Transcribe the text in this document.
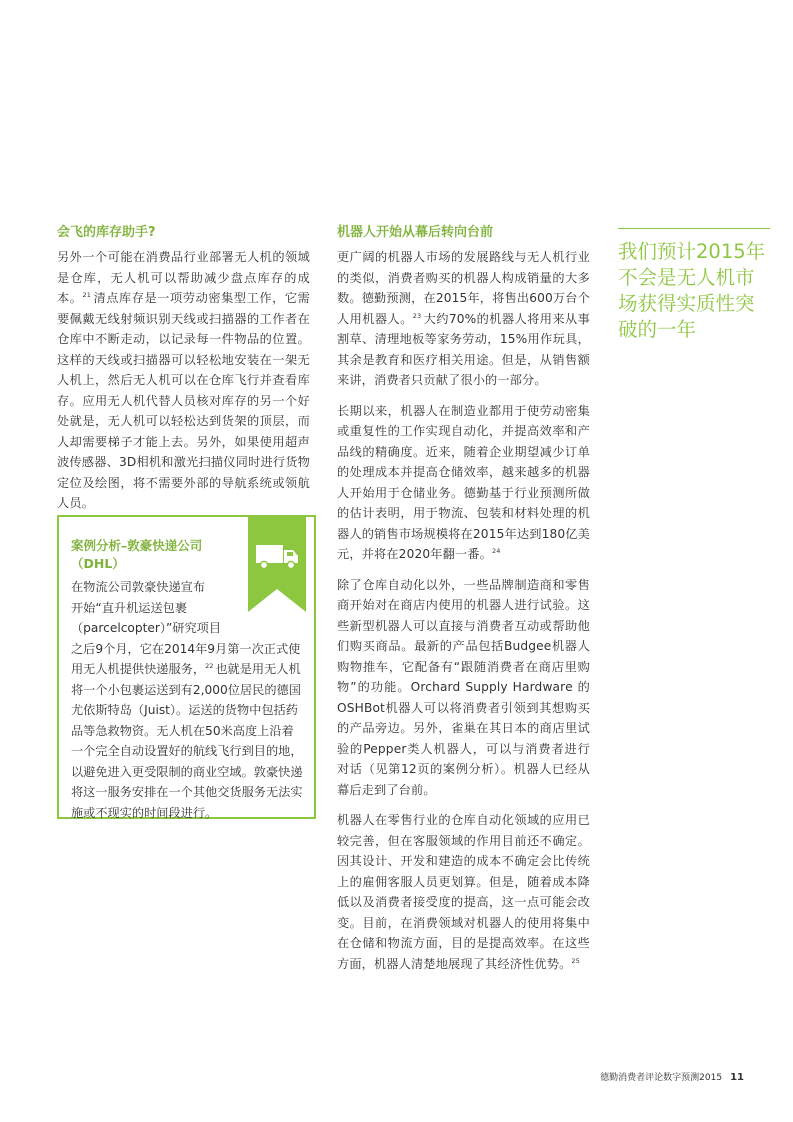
会飞的库存助手?

另外一个可能在消费品行业部署无人机的领域是仓库，无人机可以帮助减少盘点库存的成本。$^{21}$ 清点库存是一项劳动密集型工作，它需要佩戴无线射频识别天线或扫描器的工作者在仓库中不断走动，以记录每一件物品的位置。这样的天线或扫描器可以轻松地安装在一架无人机上，然后无人机可以在仓库飞行并查看库存。应用无人机代替人员核对库存的另一个好处就是，无人机可以轻松达到货架的顶层，而人却需要梯子才能上去。另外，如果使用超声波传感器、3D相机和激光扫描仪同时进行货物定位及绘图，将不需要外部的导航系统或领航人员。

案例分析–敦豪快递公司（DHL）
在物流公司敦豪快递宣布
开始“直升机运送包裹
（parcelcopter）”研究项目
之后9个月，它在2014年9月第一次正式使用无人机提供快递服务，$^{22}$ 也就是用无人机将一个小包裹运送到有2,000位居民的德国尤依斯特岛（Juist）。运送的货物中包括药品等急救物资。无人机在50米高度上沿着一个完全自动设置好的航线飞行到目的地，以避免进入更受限制的商业空域。敦豪快递将这一服务安排在一个其他交货服务无法实施或不现实的时间段进行。
机器人开始从幕后转向台前

更广阔的机器人市场的发展路线与无人机行业的类似，消费者购买的机器人构成销量的大多数。德勤预测，在2015年，将售出600万台个人用机器人。$^{23}$ 大约70%的机器人将用来从事割草、清理地板等家务劳动，15%用作玩具，其余是教育和医疗相关用途。但是，从销售额来讲，消费者只贡献了很小的一部分。

长期以来，机器人在制造业都用于使劳动密集或重复性的工作实现自动化，并提高效率和产品线的精确度。近来，随着企业期望减少订单的处理成本并提高仓储效率，越来越多的机器人开始用于仓储业务。德勤基于行业预测所做的估计表明，用于物流、包装和材料处理的机器人的销售市场规模将在2015年达到180亿美元，并将在2020年翻一番。$^{24}$

除了仓库自动化以外，一些品牌制造商和零售商开始对在商店内使用的机器人进行试验。这些新型机器人可以直接与消费者互动或帮助他们购买商品。最新的产品包括Budgee机器人购物推车，它配备有“跟随消费者在商店里购物”的功能。Orchard Supply Hardware 的OSHBot机器人可以将消费者引领到其想购买的产品旁边。另外，雀巢在其日本的商店里试验的Pepper类人机器人，可以与消费者进行对话（见第12页的案例分析）。机器人已经从幕后走到了台前。

机器人在零售行业的仓库自动化领域的应用已较完善，但在客服领域的作用目前还不确定。因其设计、开发和建造的成本不确定会比传统上的雇佣客服人员更划算。但是，随着成本降低以及消费者接受度的提高，这一点可能会改变。目前，在消费领域对机器人的使用将集中在仓储和物流方面，目的是提高效率。在这些方面，机器人清楚地展现了其经济性优势。$^{25}$

我们预计2015年不会是无人机市场获得实质性突破的一年
德勤消费者评论数字预测2015 11
